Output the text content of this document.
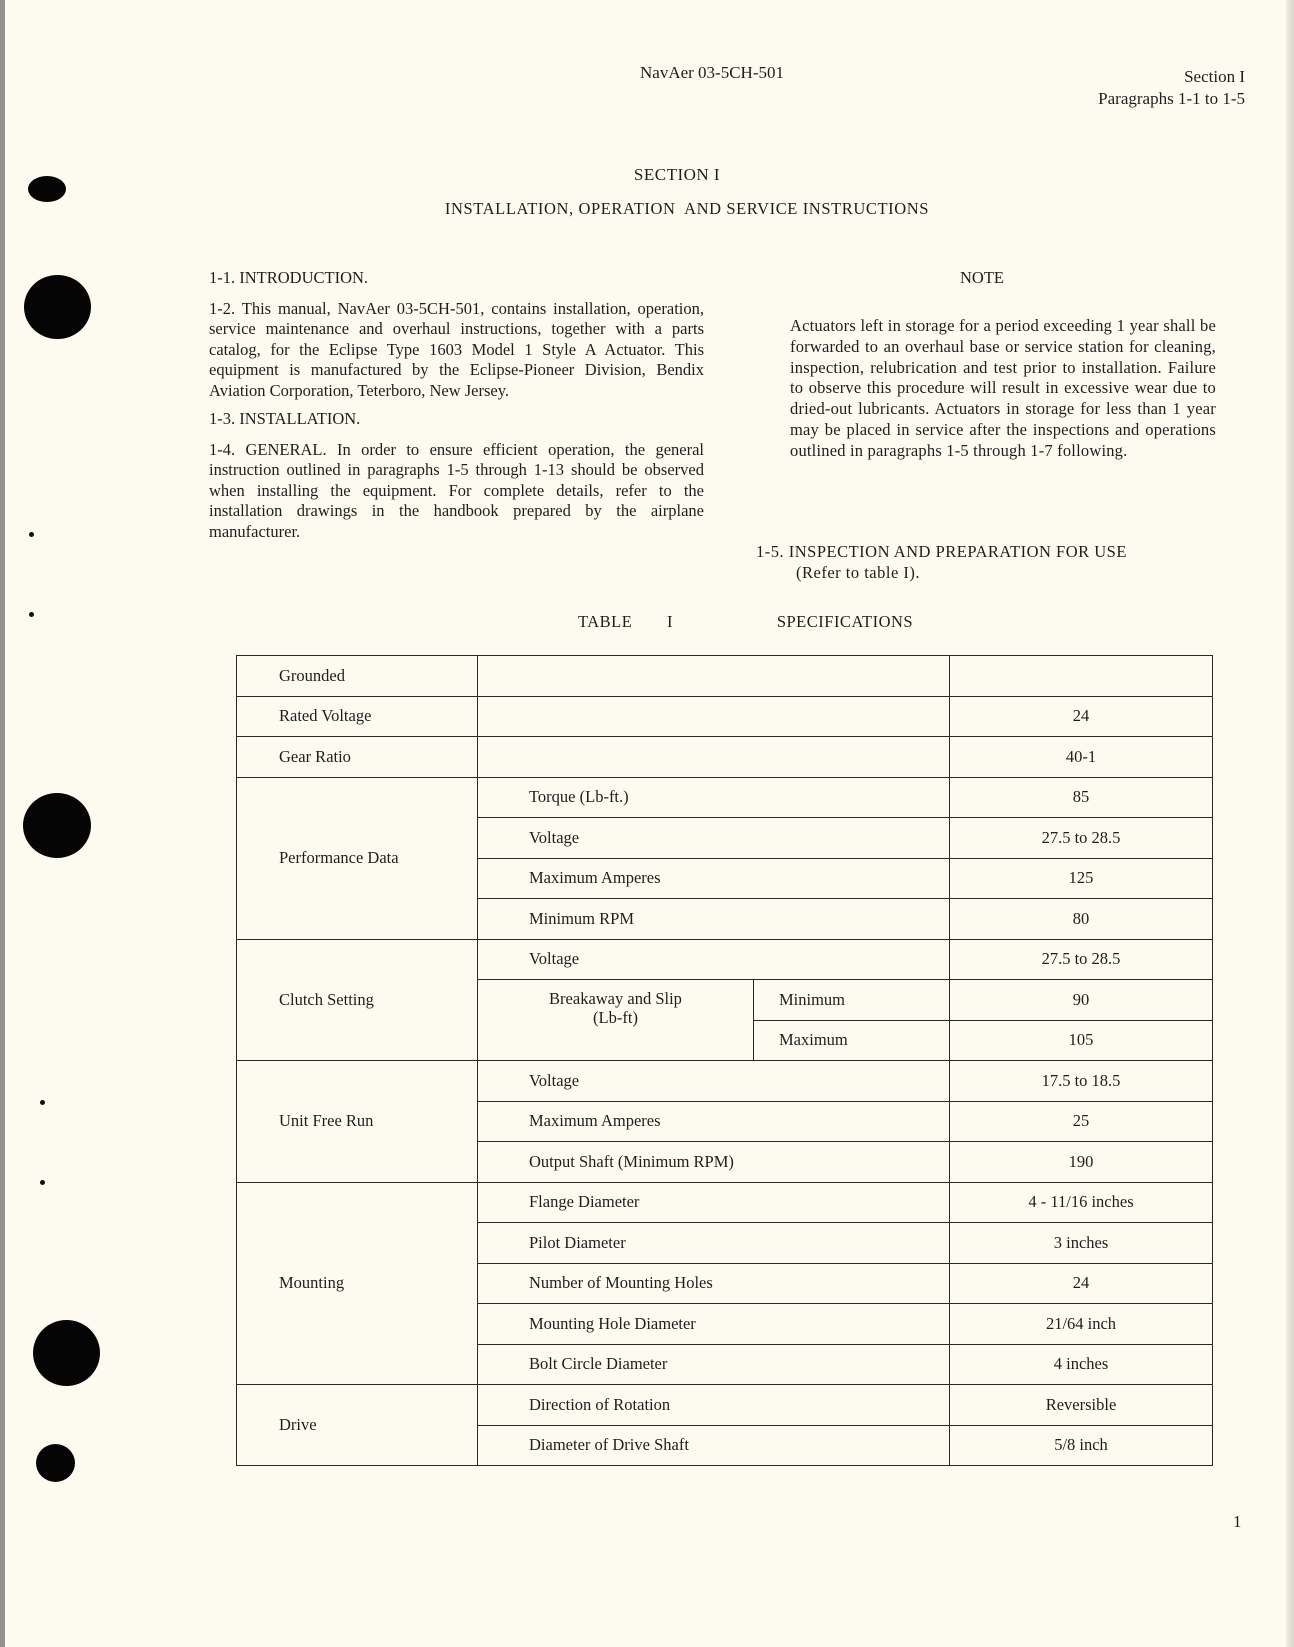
NavAer 03-5CH-501	Section I
Paragraphs 1-1 to 1-5
SECTION I
INSTALLATION, OPERATION  AND SERVICE INSTRUCTIONS

1-1. INTRODUCTION.

1-2. This manual, NavAer 03-5CH-501, contains installation, operation, service maintenance and overhaul instructions, together with a parts catalog, for the Eclipse Type 1603 Model 1 Style A Actuator. This equipment is manufactured by the Eclipse-Pioneer Division, Bendix Aviation Corporation, Teterboro, New Jersey.

1-3. INSTALLATION.

1-4. GENERAL. In order to ensure efficient operation, the general instruction outlined in paragraphs 1-5 through 1-13 should be observed when installing the equipment. For complete details, refer to the installation drawings in the handbook prepared by the airplane manufacturer.

NOTE
Actuators left in storage for a period exceeding 1 year shall be forwarded to an overhaul base or service station for cleaning, inspection, relubrication and test prior to installation. Failure to observe this procedure will result in excessive wear due to dried-out lubricants. Actuators in storage for less than 1 year may be placed in service after the inspections and operations outlined in paragraphs 1-5 through 1-7 following.
1-5. INSPECTION AND PREPARATION FOR USE
(Refer to table I).
TABLE I   SPECIFICATIONS
Grounded			
Rated Voltage			24
Gear Ratio			40-1
Performance Data	Torque (Lb-ft.)		85
	Voltage		27.5 to 28.5
	Maximum Amperes		125
	Minimum RPM		80
Clutch Setting	Voltage		27.5 to 28.5

	Breakaway and Slip
(Lb-ft)	Minimum	90
		Maximum	105
Unit Free Run	Voltage		17.5 to 18.5
	Maximum Amperes		25
	Output Shaft (Minimum RPM)		190
Mounting	Flange Diameter		4 - 11/16 inches
	Pilot Diameter		3 inches
	Number of Mounting Holes		24
	Mounting Hole Diameter		21/64 inch
	Bolt Circle Diameter		4 inches
Drive	Direction of Rotation		Reversible
	Diameter of Drive Shaft		5/8 inch
1
